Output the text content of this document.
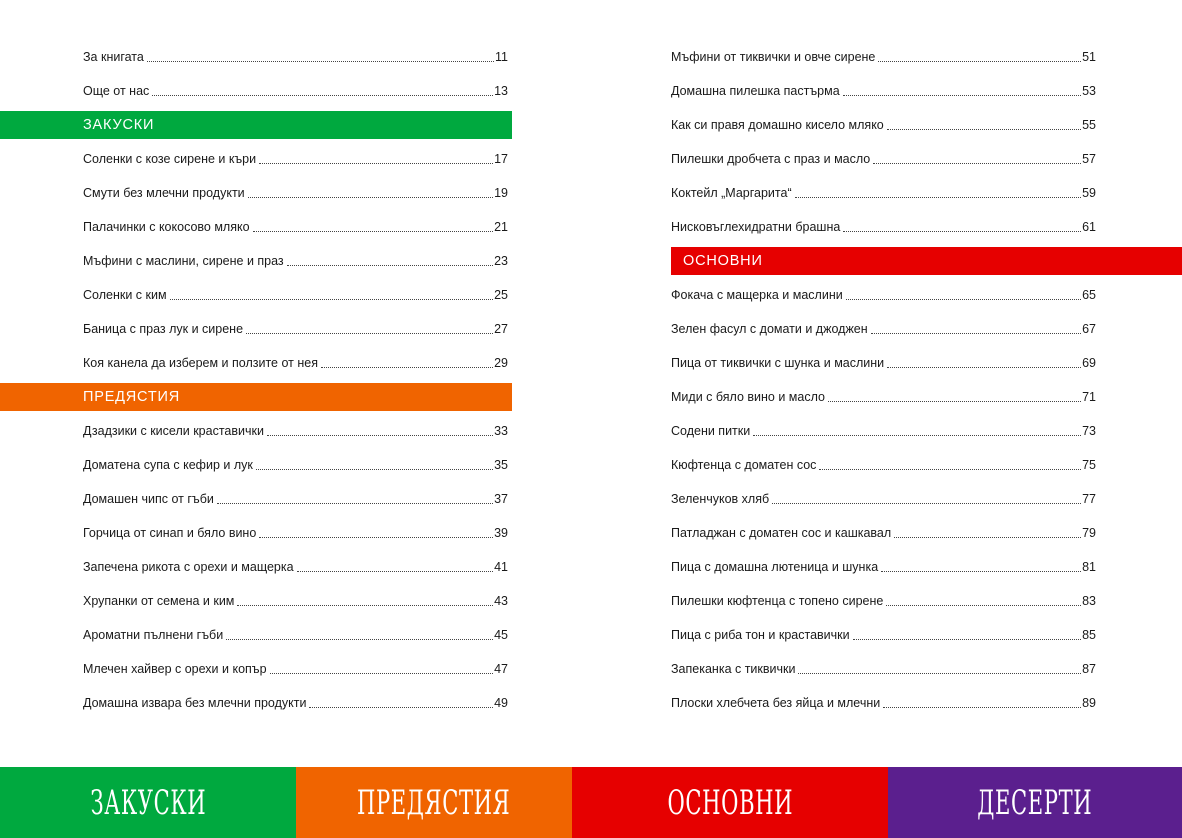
За книгата	11
Още от нас	13
ЗАКУСКИ
Соленки с козе сирене и къри	17
Смути без млечни продукти	19
Палачинки с кокосово мляко	21
Мъфини с маслини, сирене и праз	23
Соленки с ким	25
Баница с праз лук и сирене	27
Коя канела да изберем и ползите от нея	29
ПРЕДЯСТИЯ
Дзадзики с кисели краставички	33
Доматена супа с кефир и лук	35
Домашен чипс от гъби	37
Горчица от синап и бяло вино	39
Запечена рикота с орехи и мащерка	41
Хрупанки от семена и ким	43
Ароматни пълнени гъби	45
Млечен хайвер с орехи и копър	47
Домашна извара без млечни продукти	49
Мъфини от тиквички и овче сирене	51
Домашна пилешка пастърма	53
Как си правя домашно кисело мляко	55
Пилешки дробчета с праз и масло	57
Коктейл „Маргарита“	59
Нисковъглехидратни брашна	61
ОСНОВНИ
Фокача с мащерка и маслини	65
Зелен фасул с домати и джоджен	67
Пица от тиквички с шунка и маслини	69
Миди с бяло вино и масло	71
Содени питки	73
Кюфтенца с доматен сос	75
Зеленчуков хляб	77
Патладжан с доматен сос и кашкавал	79
Пица с домашна лютеница и шунка	81
Пилешки кюфтенца с топено сирене	83
Пица с риба тон и краставички	85
Запеканка с тиквички	87
Плоски хлебчета без яйца и млечни	89
ЗАКУСКИ	ПРЕДЯСТИЯ	ОСНОВНИ	ДЕСЕРТИ
